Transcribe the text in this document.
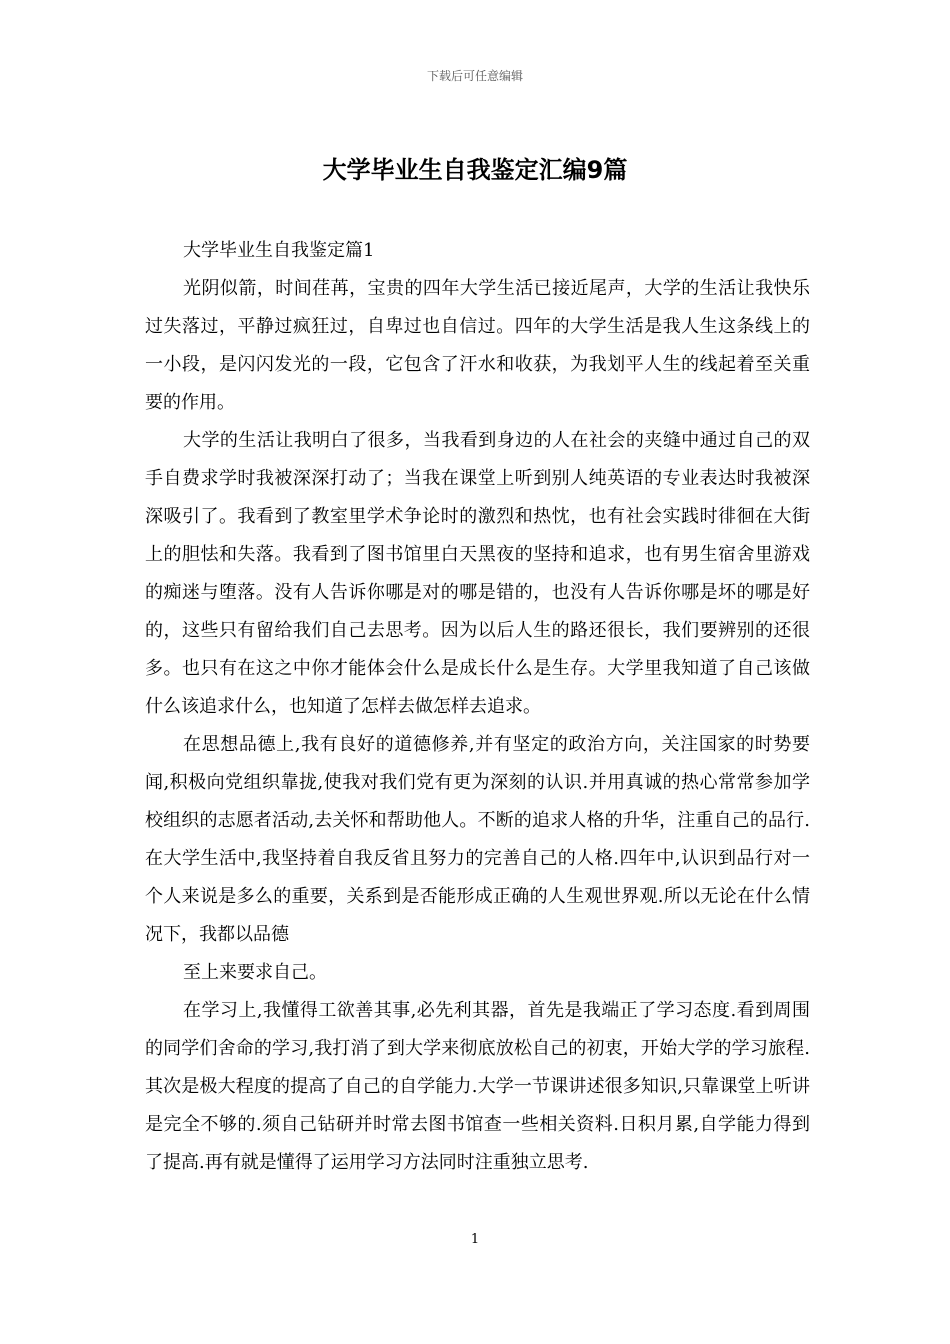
下载后可任意编辑
大学毕业生自我鉴定汇编9篇

大学毕业生自我鉴定篇1

光阴似箭，时间荏苒，宝贵的四年大学生活已接近尾声，大学的生活让我快乐过失落过，平静过疯狂过，自卑过也自信过。四年的大学生活是我人生这条线上的一小段，是闪闪发光的一段，它包含了汗水和收获，为我划平人生的线起着至关重要的作用。

大学的生活让我明白了很多，当我看到身边的人在社会的夹缝中通过自己的双手自费求学时我被深深打动了；当我在课堂上听到别人纯英语的专业表达时我被深深吸引了。我看到了教室里学术争论时的激烈和热忱，也有社会实践时徘徊在大街上的胆怯和失落。我看到了图书馆里白天黑夜的坚持和追求，也有男生宿舍里游戏的痴迷与堕落。没有人告诉你哪是对的哪是错的，也没有人告诉你哪是坏的哪是好的，这些只有留给我们自己去思考。因为以后人生的路还很长，我们要辨别的还很多。也只有在这之中你才能体会什么是成长什么是生存。大学里我知道了自己该做什么该追求什么，也知道了怎样去做怎样去追求。

在思想品德上,我有良好的道德修养,并有坚定的政治方向，关注国家的时势要闻,积极向党组织靠拢,使我对我们党有更为深刻的认识.并用真诚的热心常常参加学校组织的志愿者活动,去关怀和帮助他人。不断的追求人格的升华，注重自己的品行.在大学生活中,我坚持着自我反省且努力的完善自己的人格.四年中,认识到品行对一个人来说是多么的重要，关系到是否能形成正确的人生观世界观.所以无论在什么情况下，我都以品德

至上来要求自己。

在学习上,我懂得工欲善其事,必先利其器，首先是我端正了学习态度.看到周围的同学们舍命的学习,我打消了到大学来彻底放松自己的初衷，开始大学的学习旅程.其次是极大程度的提高了自己的自学能力.大学一节课讲述很多知识,只靠课堂上听讲是完全不够的.须自己钻研并时常去图书馆查一些相关资料.日积月累,自学能力得到了提高.再有就是懂得了运用学习方法同时注重独立思考.

1
